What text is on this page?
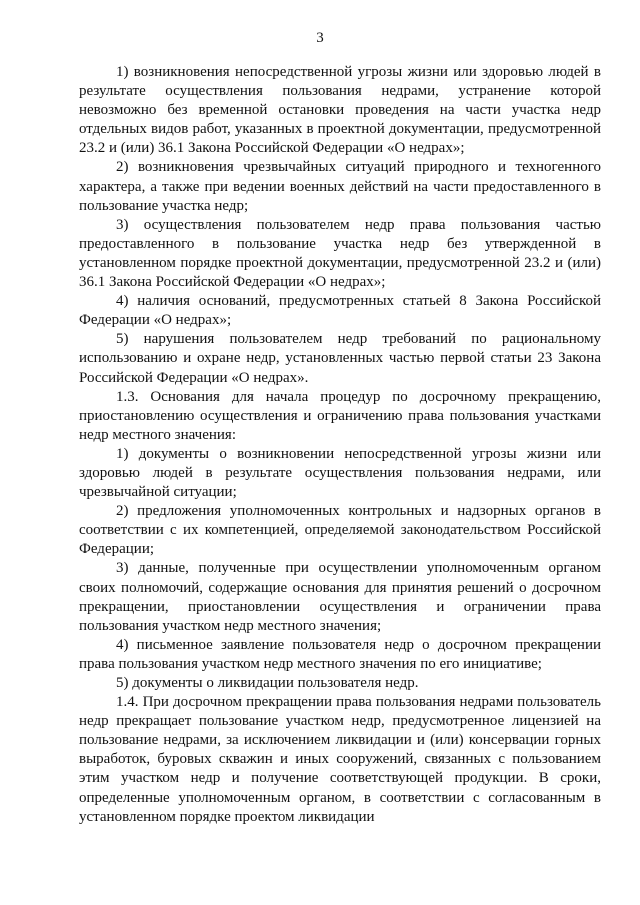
3

1) возникновения непосредственной угрозы жизни или здоровью людей в результате осуществления пользования недрами, устранение которой невозможно без временной остановки проведения на части участка недр отдельных видов работ, указанных в проектной документации, предусмотренной 23.2 и (или) 36.1 Закона Российской Федерации «О недрах»;

2) возникновения чрезвычайных ситуаций природного и техногенного характера, а также при ведении военных действий на части предоставленного в пользование участка недр;

3) осуществления пользователем недр права пользования частью предоставленного в пользование участка недр без утвержденной в установленном порядке проектной документации, предусмотренной 23.2 и (или) 36.1 Закона Российской Федерации «О недрах»;

4) наличия оснований, предусмотренных статьей 8 Закона Российской Федерации «О недрах»;

5) нарушения пользователем недр требований по рациональному использованию и охране недр, установленных частью первой статьи 23 Закона Российской Федерации «О недрах».

1.3. Основания для начала процедур по досрочному прекращению, приостановлению осуществления и ограничению права пользования участками недр местного значения:

1) документы о возникновении непосредственной угрозы жизни или здоровью людей в результате осуществления пользования недрами, или чрезвычайной ситуации;

2) предложения уполномоченных контрольных и надзорных органов в соответствии с их компетенцией, определяемой законодательством Российской Федерации;

3) данные, полученные при осуществлении уполномоченным органом своих полномочий, содержащие основания для принятия решений о досрочном прекращении, приостановлении осуществления и ограничении права пользования участком недр местного значения;

4) письменное заявление пользователя недр о досрочном прекращении права пользования участком недр местного значения по его инициативе;

5) документы о ликвидации пользователя недр.

1.4. При досрочном прекращении права пользования недрами пользователь недр прекращает пользование участком недр, предусмотренное лицензией на пользование недрами, за исключением ликвидации и (или) консервации горных выработок, буровых скважин и иных сооружений, связанных с пользованием этим участком недр и получение соответствующей продукции. В сроки, определенные уполномоченным органом, в соответствии с согласованным в установленном порядке проектом ликвидации
